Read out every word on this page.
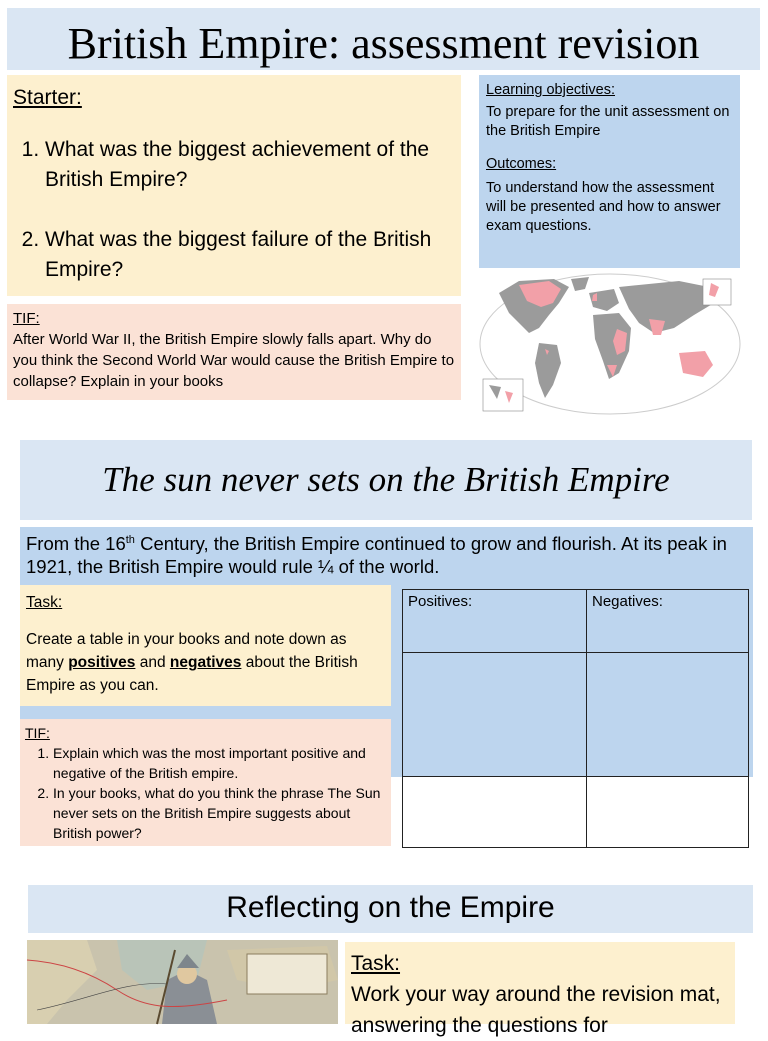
British Empire: assessment revision
Starter:
1. What was the biggest achievement of the British Empire?
2. What was the biggest failure of the British Empire?

Learning objectives:

To prepare for the unit assessment on the British Empire

Outcomes:

To understand how the assessment will be presented and how to answer exam questions.

TIF:
After World War II, the British Empire slowly falls apart. Why do you think the Second World War would cause the British Empire to collapse? Explain in your books
The sun never sets on the British Empire
From the 16th Century, the British Empire continued to grow and flourish. At its peak in 1921, the British Empire would rule ¼ of the world.
Task:
Create a table in your books and note down as many positives and negatives about the British Empire as you can.
TIF:
1. Explain which was the most important positive and negative of the British empire.
2. In your books, what do you think the phrase The Sun never sets on the British Empire suggests about British power?
Positives:	Negatives:

Reflecting on the Empire
Task:
Work your way around the revision mat, answering the questions for
